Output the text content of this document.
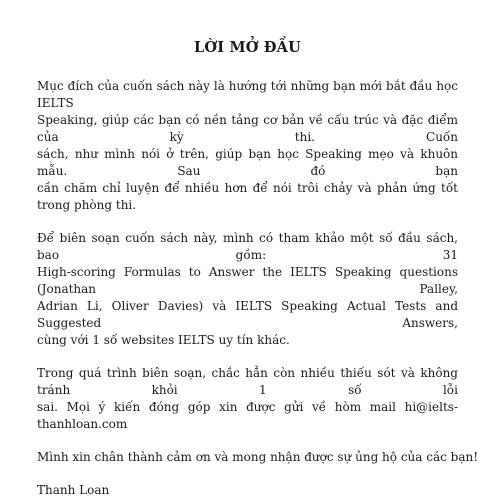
LỜI MỞ ĐẦU

Mục đích của cuốn sách này là hướng tới những bạn mới bắt đầu học IELTS
Speaking, giúp các bạn có nền tảng cơ bản về cấu trúc và đặc điểm của kỳ thi. Cuốn
sách, như mình nói ở trên, giúp bạn học Speaking mẹo và khuôn mẫu. Sau đó bạn
cần chăm chỉ luyện để nhiều hơn để nói trôi chảy và phản ứng tốt trong phòng thi.

Để biên soạn cuốn sách này, mình có tham khảo một số đầu sách, bao gồm: 31
High-scoring Formulas to Answer the IELTS Speaking questions (Jonathan Palley,
Adrian Li, Oliver Davies) và IELTS Speaking Actual Tests and Suggested Answers,
cùng với 1 số websites IELTS uy tín khác.

Trong quá trình biên soạn, chắc hẳn còn nhiều thiếu sót và không tránh khỏi 1 số lỗi
sai. Mọi ý kiến đóng góp xin được gửi về hòm mail hi@ielts-thanhloan.com

Mình xin chân thành cảm ơn và mong nhận được sự ủng hộ của các bạn!

Thanh Loan
